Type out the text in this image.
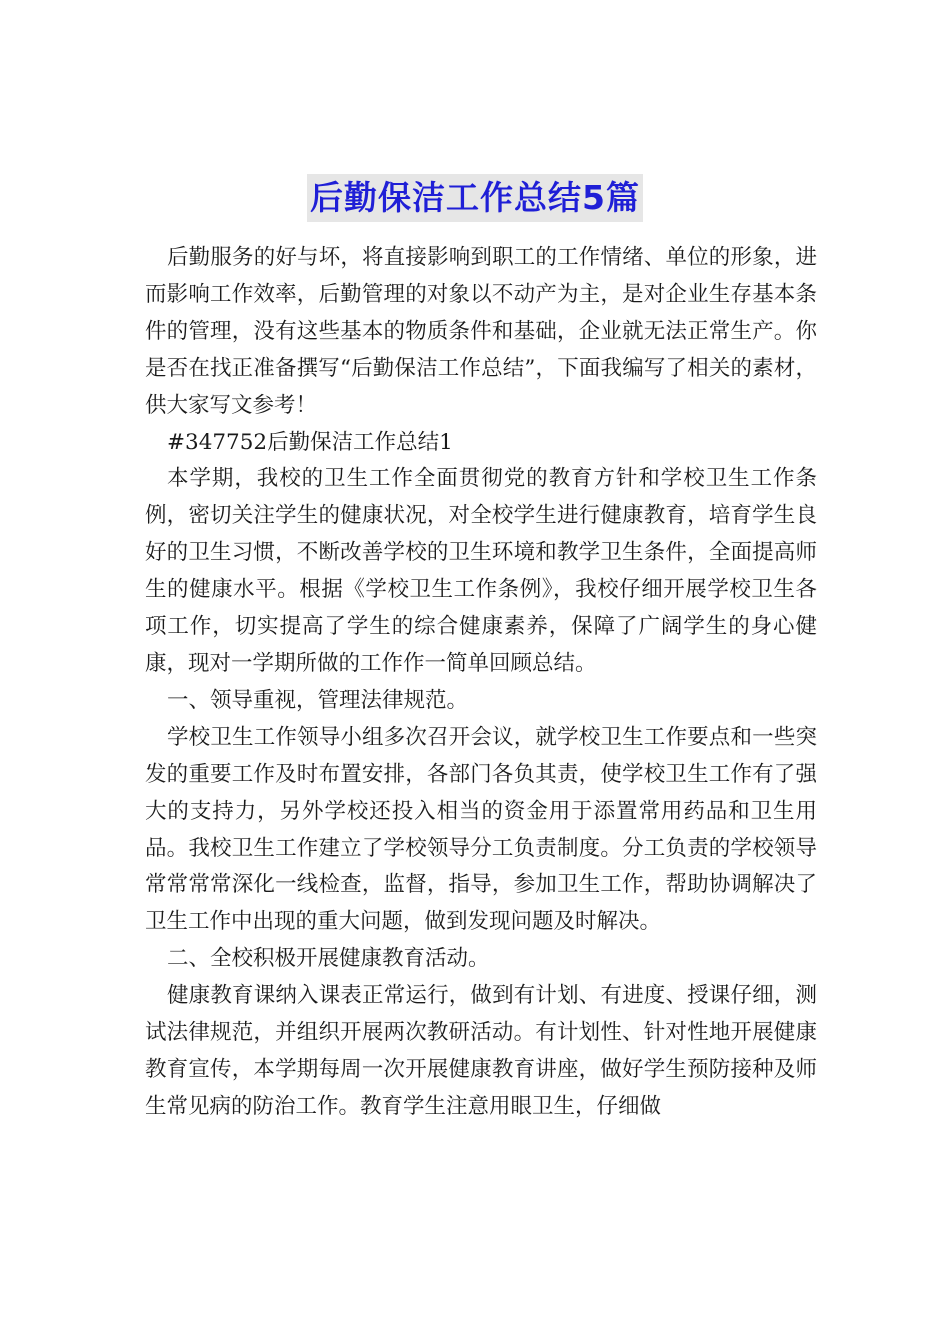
后勤保洁工作总结5篇

后勤服务的好与坏，将直接影响到职工的工作情绪、单位的形象，进而影响工作效率，后勤管理的对象以不动产为主，是对企业生存基本条件的管理，没有这些基本的物质条件和基础，企业就无法正常生产。你是否在找正准备撰写“后勤保洁工作总结”，下面我编写了相关的素材，供大家写文参考！

#347752后勤保洁工作总结1

本学期，我校的卫生工作全面贯彻党的教育方针和学校卫生工作条例，密切关注学生的健康状况，对全校学生进行健康教育，培育学生良好的卫生习惯，不断改善学校的卫生环境和教学卫生条件，全面提高师生的健康水平。根据《学校卫生工作条例》，我校仔细开展学校卫生各项工作，切实提高了学生的综合健康素养，保障了广阔学生的身心健康，现对一学期所做的工作作一简单回顾总结。

一、领导重视，管理法律规范。

学校卫生工作领导小组多次召开会议，就学校卫生工作要点和一些突发的重要工作及时布置安排，各部门各负其责，使学校卫生工作有了强大的支持力，另外学校还投入相当的资金用于添置常用药品和卫生用品。我校卫生工作建立了学校领导分工负责制度。分工负责的学校领导常常常常深化一线检查，监督，指导，参加卫生工作，帮助协调解决了卫生工作中出现的重大问题，做到发现问题及时解决。

二、全校积极开展健康教育活动。

健康教育课纳入课表正常运行，做到有计划、有进度、授课仔细，测试法律规范，并组织开展两次教研活动。有计划性、针对性地开展健康教育宣传，本学期每周一次开展健康教育讲座，做好学生预防接种及师生常见病的防治工作。教育学生注意用眼卫生，仔细做
